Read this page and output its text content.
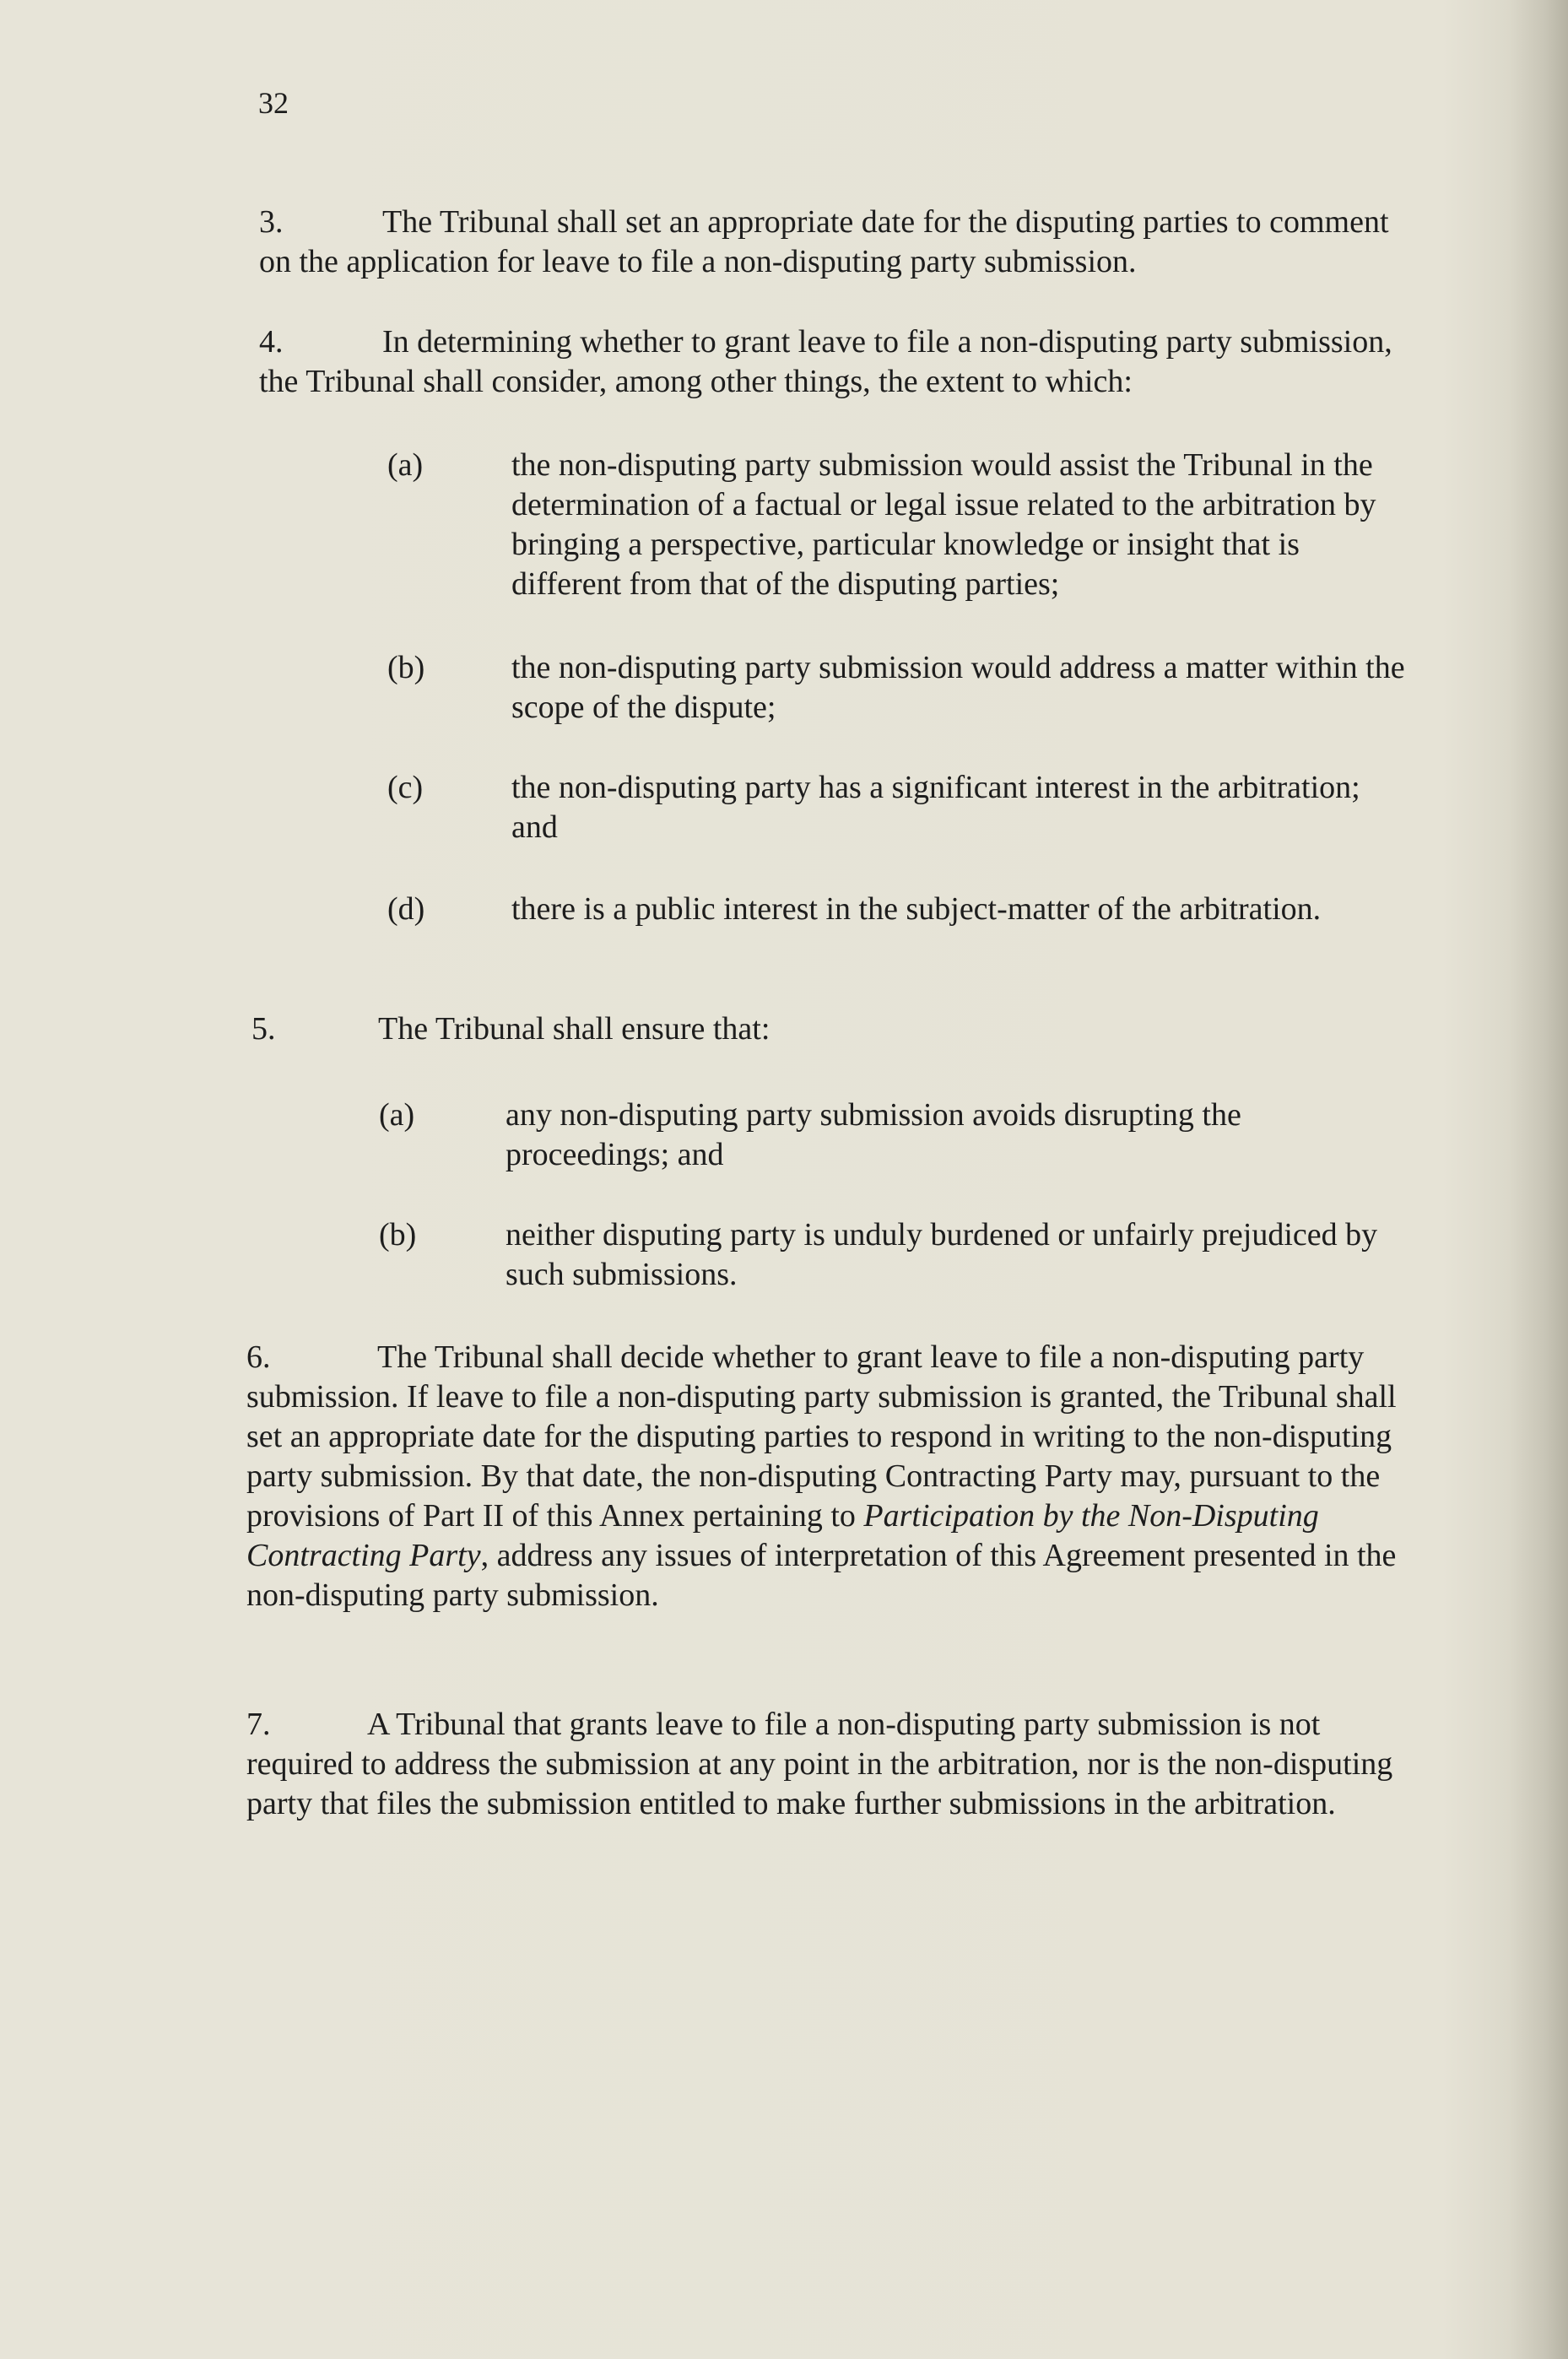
32
3.	The Tribunal shall set an appropriate date for the disputing parties to comment on the application for leave to file a non-disputing party submission.
4.	In determining whether to grant leave to file a non-disputing party submission, the Tribunal shall consider, among other things, the extent to which:
(a)	the non-disputing party submission would assist the Tribunal in the determination of a factual or legal issue related to the arbitration by bringing a perspective, particular knowledge or insight that is different from that of the disputing parties;
(b)	the non-disputing party submission would address a matter within the scope of the dispute;
(c)	the non-disputing party has a significant interest in the arbitration; and
(d)	there is a public interest in the subject-matter of the arbitration.
5.	The Tribunal shall ensure that:
(a)	any non-disputing party submission avoids disrupting the proceedings; and
(b)	neither disputing party is unduly burdened or unfairly prejudiced by such submissions.
6.	The Tribunal shall decide whether to grant leave to file a non-disputing party submission. If leave to file a non-disputing party submission is granted, the Tribunal shall set an appropriate date for the disputing parties to respond in writing to the non-disputing party submission. By that date, the non-disputing Contracting Party may, pursuant to the provisions of Part II of this Annex pertaining to Participation by the Non-Disputing Contracting Party, address any issues of interpretation of this Agreement presented in the non-disputing party submission.
7.	A Tribunal that grants leave to file a non-disputing party submission is not required to address the submission at any point in the arbitration, nor is the non-disputing party that files the submission entitled to make further submissions in the arbitration.
